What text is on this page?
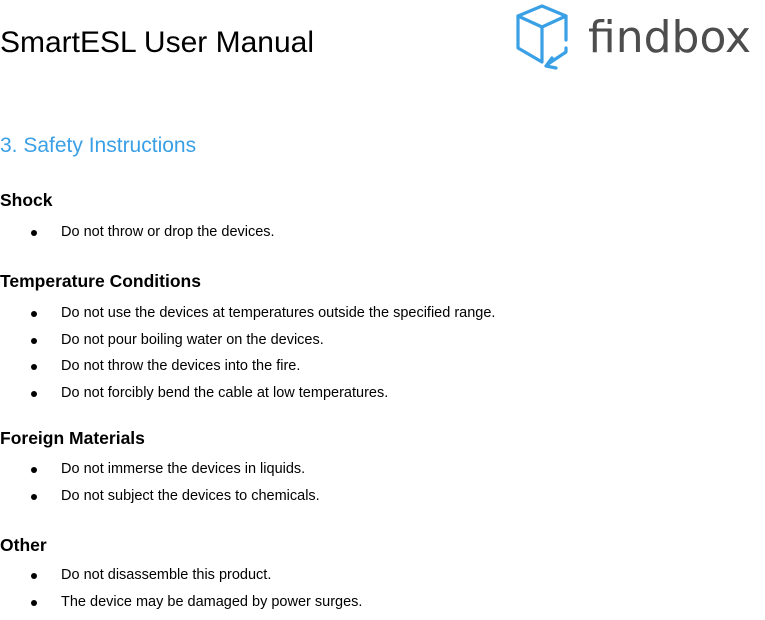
SmartESL User Manual	findbox
3. Safety Instructions
Shock
Do not throw or drop the devices.
Temperature Conditions
Do not use the devices at temperatures outside the specified range.
Do not pour boiling water on the devices.
Do not throw the devices into the fire.
Do not forcibly bend the cable at low temperatures.
Foreign Materials
Do not immerse the devices in liquids.
Do not subject the devices to chemicals.
Other
Do not disassemble this product.
The device may be damaged by power surges.
